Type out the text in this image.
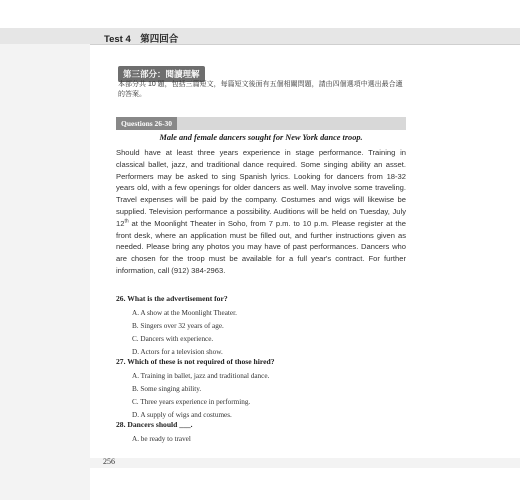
Test 4　第四回合
第三部分：閱讀理解
本部分共 10 題，包括三篇短文，每篇短文後面有五個相關問題，請由四個選項中選出最合適的答案。
Questions 26-30
Male and female dancers sought for New York dance troop.
Should have at least three years experience in stage performance. Training in classical ballet, jazz, and traditional dance required. Some singing ability an asset. Performers may be asked to sing Spanish lyrics. Looking for dancers from 18-32 years old, with a few openings for older dancers as well. May involve some traveling. Travel expenses will be paid by the company. Costumes and wigs will likewise be supplied. Television performance a possibility. Auditions will be held on Tuesday, July 12th at the Moonlight Theater in Soho, from 7 p.m. to 10 p.m. Please register at the front desk, where an application must be filled out, and further instructions given as needed. Please bring any photos you may have of past performances. Dancers who are chosen for the troop must be available for a full year's contract. For further information, call (912) 384-2963.
26. What is the advertisement for?
A. A show at the Moonlight Theater.
B. Singers over 32 years of age.
C. Dancers with experience.
D. Actors for a television show.
27. Which of these is not required of those hired?
A. Training in ballet, jazz and traditional dance.
B. Some singing ability.
C. Three years experience in performing.
D. A supply of wigs and costumes.
28. Dancers should ___.
A. be ready to travel
256
